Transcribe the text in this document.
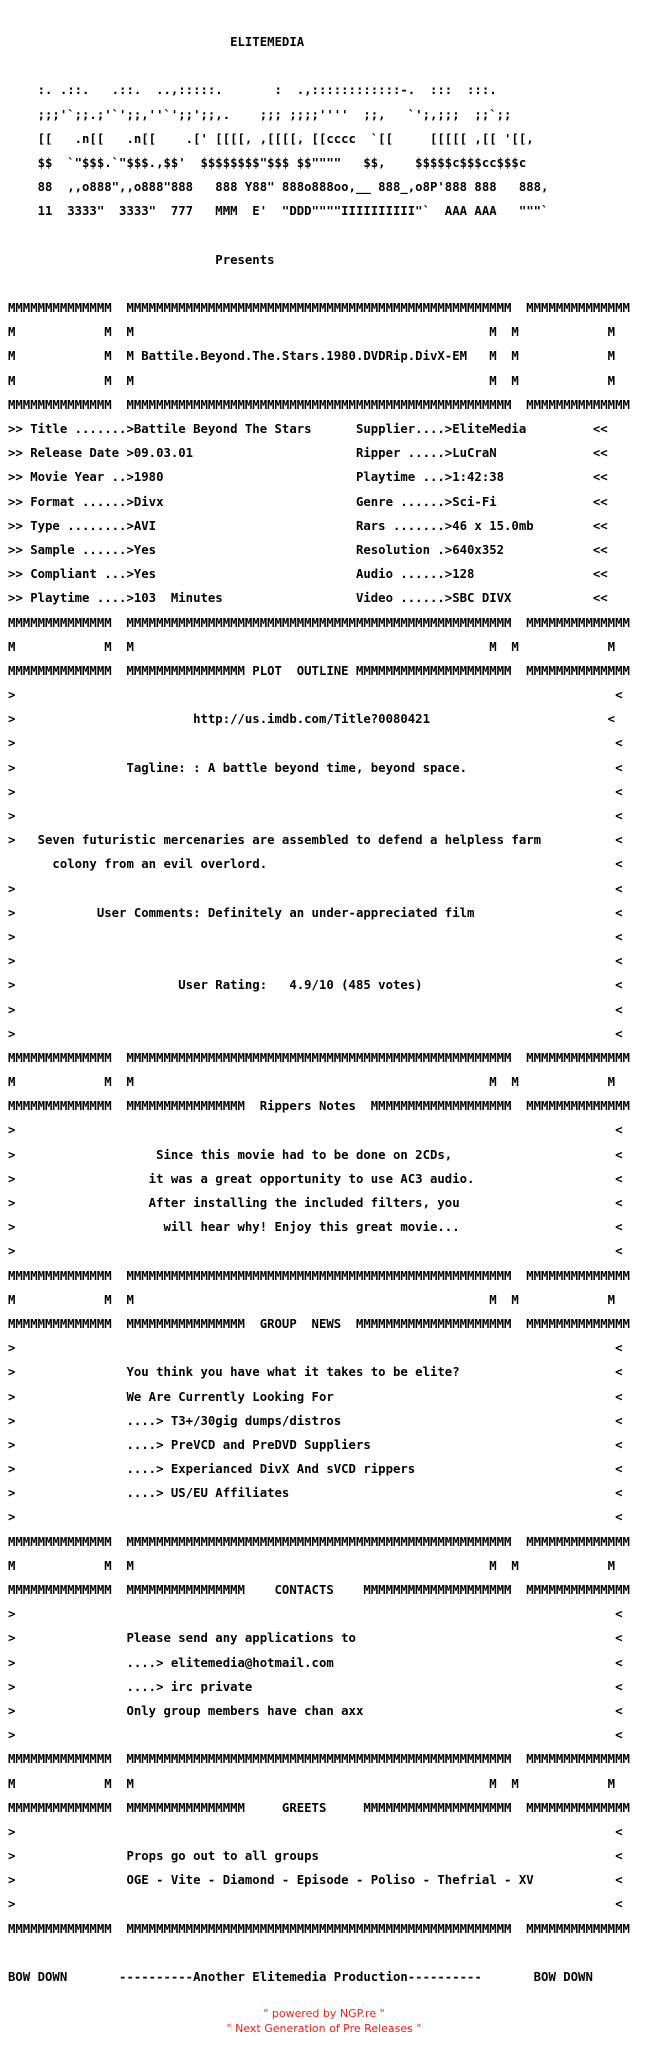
ELITEMEDIA
:. .::.   .::.  ..,:::::.       :  .,::::::::::::-.  :::  :::.
;;;'`;;.;'`';;,''`';;';;,.    ;;; ;;;;''''  ;;,   `';,;;;  ;;`;;
[[   .n[[   .n[[    .[' [[[[, ,[[[[, [[cccc  `[[     [[[[[ ,[[ '[[,
$$  `"$$$.`"$$$.,$$'  $$$$$$$$"$$$ $$""""   $$,    $$$$$c$$$cc$$$c
88  ,,o888",,o888"888   888 Y88" 888o888oo,__ 888_,o8P'888 888   888,
11  3333"  3333"  777   MMM  E'  "DDD""""IIIIIIIIII"`  AAA AAA   """`
Presents
MMMMMMMMMMMMMM  MMMMMMMMMMMMMMMMMMMMMMMMMMMMMMMMMMMMMMMMMMMMMMMMMMMM  MMMMMMMMMMMMMM
M            M  M                                                M  M            M
M            M  M Battile.Beyond.The.Stars.1980.DVDRip.DivX-EM   M  M            M
M            M  M                                                M  M            M
MMMMMMMMMMMMMM  MMMMMMMMMMMMMMMMMMMMMMMMMMMMMMMMMMMMMMMMMMMMMMMMMMMM  MMMMMMMMMMMMMM
>> Title .......>Battile Beyond The Stars      Supplier....>EliteMedia         <<
>> Release Date >09.03.01                      Ripper .....>LuCraN             <<
>> Movie Year ..>1980                          Playtime ...>1:42:38            <<
>> Format ......>Divx                          Genre ......>Sci-Fi             <<
>> Type ........>AVI                           Rars .......>46 x 15.0mb        <<
>> Sample ......>Yes                           Resolution .>640x352            <<
>> Compliant ...>Yes                           Audio ......>128                <<
>> Playtime ....>103  Minutes                  Video ......>SBC DIVX           <<
MMMMMMMMMMMMMM  MMMMMMMMMMMMMMMMMMMMMMMMMMMMMMMMMMMMMMMMMMMMMMMMMMMM  MMMMMMMMMMMMMM
M            M  M                                                M  M            M
MMMMMMMMMMMMMM  MMMMMMMMMMMMMMMM PLOT  OUTLINE MMMMMMMMMMMMMMMMMMMMM  MMMMMMMMMMMMMM
>                                                                                 <
>                        http://us.imdb.com/Title?0080421                        <
>                                                                                 <
>               Tagline: : A battle beyond time, beyond space.                    <
>                                                                                 <
>                                                                                 <
>   Seven futuristic mercenaries are assembled to defend a helpless farm          <
colony from an evil overlord.                                               <
>                                                                                 <
>           User Comments: Definitely an under-appreciated film                   <
>                                                                                 <
>                                                                                 <
>                      User Rating:   4.9/10 (485 votes)                          <
>                                                                                 <
>                                                                                 <
MMMMMMMMMMMMMM  MMMMMMMMMMMMMMMMMMMMMMMMMMMMMMMMMMMMMMMMMMMMMMMMMMMM  MMMMMMMMMMMMMM
M            M  M                                                M  M            M
MMMMMMMMMMMMMM  MMMMMMMMMMMMMMMM  Rippers Notes  MMMMMMMMMMMMMMMMMMM  MMMMMMMMMMMMMM
>                                                                                 <
>                   Since this movie had to be done on 2CDs,                      <
>                  it was a great opportunity to use AC3 audio.                   <
>                  After installing the included filters, you                     <
>                    will hear why! Enjoy this great movie...                     <
>                                                                                 <
MMMMMMMMMMMMMM  MMMMMMMMMMMMMMMMMMMMMMMMMMMMMMMMMMMMMMMMMMMMMMMMMMMM  MMMMMMMMMMMMMM
M            M  M                                                M  M            M
MMMMMMMMMMMMMM  MMMMMMMMMMMMMMMM  GROUP  NEWS  MMMMMMMMMMMMMMMMMMMMM  MMMMMMMMMMMMMM
>                                                                                 <
>               You think you have what it takes to be elite?                     <
>               We Are Currently Looking For                                      <
>               ....> T3+/30gig dumps/distros                                     <
>               ....> PreVCD and PreDVD Suppliers                                 <
>               ....> Experianced DivX And sVCD rippers                           <
>               ....> US/EU Affiliates                                            <
>                                                                                 <
MMMMMMMMMMMMMM  MMMMMMMMMMMMMMMMMMMMMMMMMMMMMMMMMMMMMMMMMMMMMMMMMMMM  MMMMMMMMMMMMMM
M            M  M                                                M  M            M
MMMMMMMMMMMMMM  MMMMMMMMMMMMMMMM    CONTACTS    MMMMMMMMMMMMMMMMMMMM  MMMMMMMMMMMMMM
>                                                                                 <
>               Please send any applications to                                   <
>               ....> elitemedia@hotmail.com                                      <
>               ....> irc private                                                 <
>               Only group members have chan axx                                  <
>                                                                                 <
MMMMMMMMMMMMMM  MMMMMMMMMMMMMMMMMMMMMMMMMMMMMMMMMMMMMMMMMMMMMMMMMMMM  MMMMMMMMMMMMMM
M            M  M                                                M  M            M
MMMMMMMMMMMMMM  MMMMMMMMMMMMMMMM     GREETS     MMMMMMMMMMMMMMMMMMMM  MMMMMMMMMMMMMM
>                                                                                 <
>               Props go out to all groups                                        <
>               OGE - Vite - Diamond - Episode - Poliso - Thefrial - XV           <
>                                                                                 <
MMMMMMMMMMMMMM  MMMMMMMMMMMMMMMMMMMMMMMMMMMMMMMMMMMMMMMMMMMMMMMMMMMM  MMMMMMMMMMMMMM
BOW DOWN       ----------Another Elitemedia Production----------       BOW DOWN
" powered by NGP.re "
" Next Generation of Pre Releases "
